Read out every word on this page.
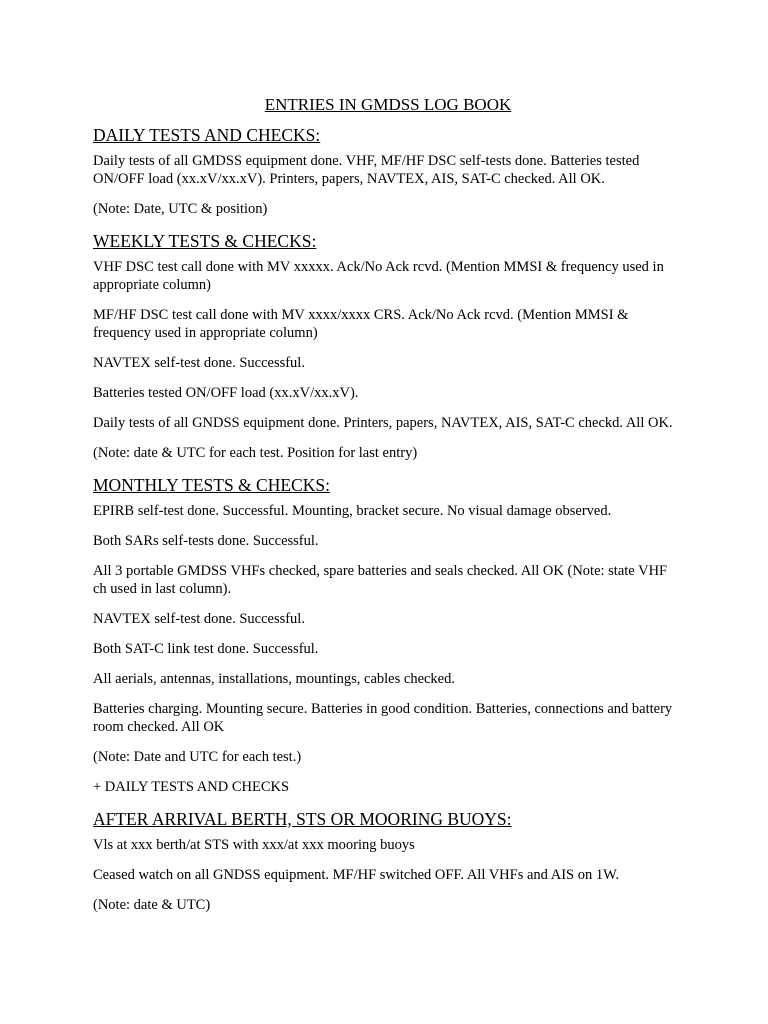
ENTRIES IN GMDSS LOG BOOK
DAILY TESTS AND CHECKS:

Daily tests of all GMDSS equipment done. VHF, MF/HF DSC self-tests done. Batteries tested ON/OFF load (xx.xV/xx.xV). Printers, papers, NAVTEX, AIS, SAT-C checked. All OK.

(Note: Date, UTC & position)

WEEKLY TESTS & CHECKS:

VHF DSC test call done with MV xxxxx. Ack/No Ack rcvd. (Mention MMSI & frequency used in appropriate column)

MF/HF DSC test call done with MV xxxx/xxxx CRS. Ack/No Ack rcvd. (Mention MMSI & frequency used in appropriate column)

NAVTEX self-test done. Successful.

Batteries tested ON/OFF load (xx.xV/xx.xV).

Daily tests of all GNDSS equipment done. Printers, papers, NAVTEX, AIS, SAT-C checkd. All OK.

(Note: date & UTC for each test. Position for last entry)

MONTHLY TESTS & CHECKS:

EPIRB self-test done. Successful. Mounting, bracket secure. No visual damage observed.

Both SARs self-tests done. Successful.

All 3 portable GMDSS VHFs checked, spare batteries and seals checked. All OK (Note: state VHF ch used in last column).

NAVTEX self-test done. Successful.

Both SAT-C link test done. Successful.

All aerials, antennas, installations, mountings, cables checked.

Batteries charging. Mounting secure. Batteries in good condition. Batteries, connections and battery room checked. All OK

(Note: Date and UTC for each test.)

+ DAILY TESTS AND CHECKS

AFTER ARRIVAL BERTH, STS OR MOORING BUOYS:

Vls at xxx berth/at STS with xxx/at xxx mooring buoys

Ceased watch on all GNDSS equipment. MF/HF switched OFF. All VHFs and AIS on 1W.

(Note: date & UTC)
